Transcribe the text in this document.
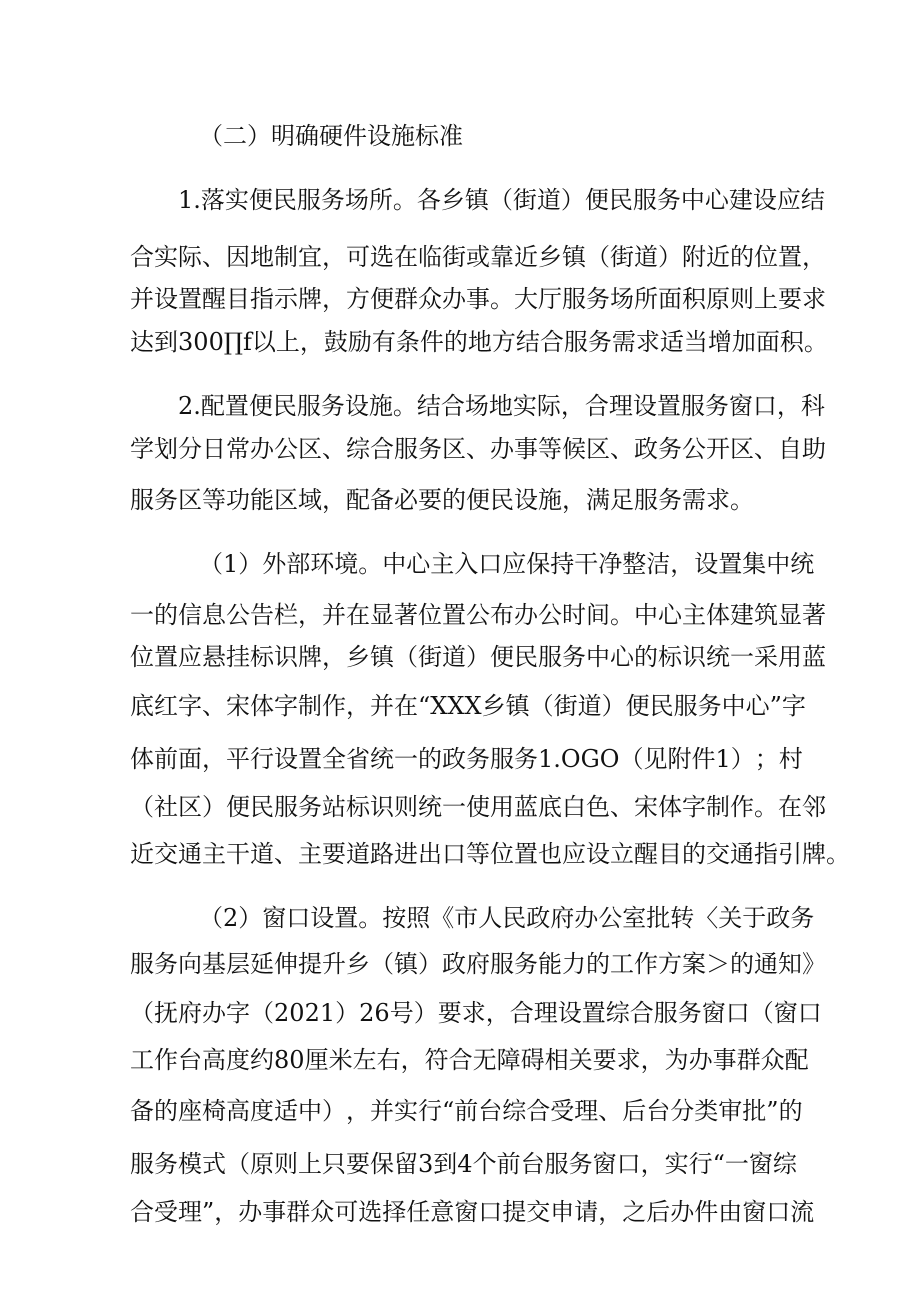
（二）明确硬件设施标准

1 . 落 实 便 民 服 务 场 所 。 各 乡 镇 （ 街 道 ） 便 民 服 务 中 心 建 设 应 结

合 实 际 、 因 地 制 宜 ， 可 选 在 临 街 或 靠 近 乡 镇 （ 街 道 ） 附 近 的 位 置 ，

并 设 置 醒 目 指 示 牌 ， 方 便 群 众 办 事 。 大 厅 服 务 场 所 面 积 原 则 上 要 求

达 到 3 0 0 ∏ f 以 上 ， 鼓 励 有 条 件 的 地 方 结 合 服 务 需 求 适 当 增 加 面 积 。

2 . 配 置 便 民 服 务 设 施 。 结 合 场 地 实 际 ， 合 理 设 置 服 务 窗 口 ， 科

学 划 分 日 常 办 公 区 、 综 合 服 务 区 、 办 事 等 候 区 、 政 务 公 开 区 、 自 助

服务区等功能区域，配备必要的便民设施，满足服务需求。

（ 1 ） 外 部 环 境 。 中 心 主 入 口 应 保 持 干 净 整 洁 ， 设 置 集 中 统

一 的 信 息 公 告 栏 ， 并 在 显 著 位 置 公 布 办 公 时 间 。 中 心 主 体 建 筑 显 著

位 置 应 悬 挂 标 识 牌 ， 乡 镇 （ 街 道 ） 便 民 服 务 中 心 的 标 识 统 一 采 用 蓝

底 红 字 、 宋 体 字 制 作 ， 并 在 “ X X X 乡 镇 （ 街 道 ） 便 民 服 务 中 心 ” 字

体 前 面 ， 平 行 设 置 全 省 统 一 的 政 务 服 务 1 . O G O （ 见 附 件 1 ） ； 村

（ 社 区 ） 便 民 服 务 站 标 识 则 统 一 使 用 蓝 底 白 色 、 宋 体 字 制 作 。 在 邻

近 交 通 主 干 道 、 主 要 道 路 进 出 口 等 位 置 也 应 设 立 醒 目 的 交 通 指 引 牌 。

（ 2 ） 窗 口 设 置 。 按 照 《 市 人 民 政 府 办 公 室 批 转 〈 关 于 政 务

服 务 向 基 层 延 伸 提 升 乡 （ 镇 ） 政 府 服 务 能 力 的 工 作 方 案 ＞ 的 通 知 》

（ 抚 府 办 字 （ 2 0 2 1 ） 2 6 号 ） 要 求 ， 合 理 设 置 综 合 服 务 窗 口 （ 窗 口

工 作 台 高 度 约 8 0 厘 米 左 右 ， 符 合 无 障 碍 相 关 要 求 ， 为 办 事 群 众 配

备 的 座 椅 高 度 适 中 ） ， 并 实 行 “ 前 台 综 合 受 理 、 后 台 分 类 审 批 ” 的

服 务 模 式 （ 原 则 上 只 要 保 留 3 到 4 个 前 台 服 务 窗 口 ， 实 行 “ 一 窗 综

合 受 理 ” ， 办 事 群 众 可 选 择 任 意 窗 口 提 交 申 请 ， 之 后 办 件 由 窗 口 流
